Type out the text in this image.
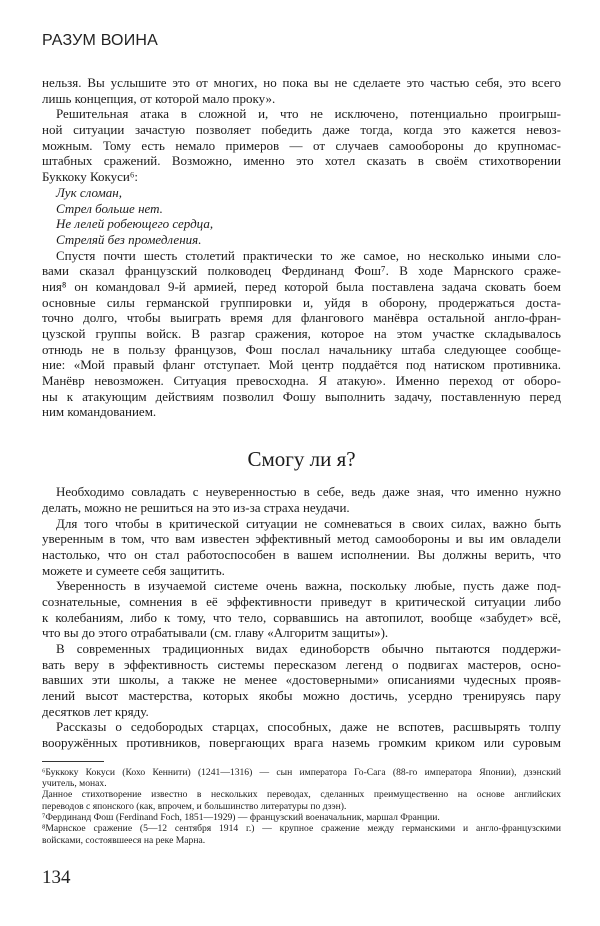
РАЗУМ ВОИНА
нельзя. Вы услышите это от многих, но пока вы не сделаете это частью себя, это всего
лишь концепция, от которой мало проку».
Решительная атака в сложной и, что не исключено, потенциально проигрыш-
ной ситуации зачастую позволяет победить даже тогда, когда это кажется невоз-
можным. Тому есть немало примеров — от случаев самообороны до крупномас-
штабных сражений. Возможно, именно это хотел сказать в своём стихотворении
Буккоку Кокуси⁶:
Лук сломан,
Стрел больше нет.
Не лелей робеющего сердца,
Стреляй без промедления.
Спустя почти шесть столетий практически то же самое, но несколько иными сло-
вами сказал французский полководец Фердинанд Фош⁷. В ходе Марнского сраже-
ния⁸ он командовал 9-й армией, перед которой была поставлена задача сковать боем
основные силы германской группировки и, уйдя в оборону, продержаться доста-
точно долго, чтобы выиграть время для флангового манёвра остальной англо-фран-
цузской группы войск. В разгар сражения, которое на этом участке складывалось
отнюдь не в пользу французов, Фош послал начальнику штаба следующее сообще-
ние: «Мой правый фланг отступает. Мой центр поддаётся под натиском противника.
Манёвр невозможен. Ситуация превосходна. Я атакую». Именно переход от оборо-
ны к атакующим действиям позволил Фошу выполнить задачу, поставленную перед
ним командованием.
Смогу ли я?
Необходимо совладать с неуверенностью в себе, ведь даже зная, что именно нужно
делать, можно не решиться на это из-за страха неудачи.
Для того чтобы в критической ситуации не сомневаться в своих силах, важно быть
уверенным в том, что вам известен эффективный метод самообороны и вы им овладели
настолько, что он стал работоспособен в вашем исполнении. Вы должны верить, что
можете и сумеете себя защитить.
Уверенность в изучаемой системе очень важна, поскольку любые, пусть даже под-
сознательные, сомнения в её эффективности приведут в критической ситуации либо
к колебаниям, либо к тому, что тело, сорвавшись на автопилот, вообще «забудет» всё,
что вы до этого отрабатывали (см. главу «Алгоритм защиты»).
В современных традиционных видах единоборств обычно пытаются поддержи-
вать веру в эффективность системы пересказом легенд о подвигах мастеров, осно-
вавших эти школы, а также не менее «достоверными» описаниями чудесных прояв-
лений высот мастерства, которых якобы можно достичь, усердно тренируясь пару
десятков лет кряду.
Рассказы о седобородых старцах, способных, даже не вспотев, расшвырять толпу
вооружённых противников, повергающих врага наземь громким криком или суровым
⁶Буккоку Кокуси (Кохо Кеннити) (1241—1316) — сын императора Го-Сага (88-го императора Японии), дзэнский
учитель, монах.
Данное стихотворение известно в нескольких переводах, сделанных преимущественно на основе английских
переводов с японского (как, впрочем, и большинство литературы по дзэн).
⁷Фердинанд Фош (Ferdinand Foch, 1851—1929) — французский военачальник, маршал Франции.
⁸Марнское сражение (5—12 сентября 1914 г.) — крупное сражение между германскими и англо-французскими
войсками, состоявшееся на реке Марна.
134
